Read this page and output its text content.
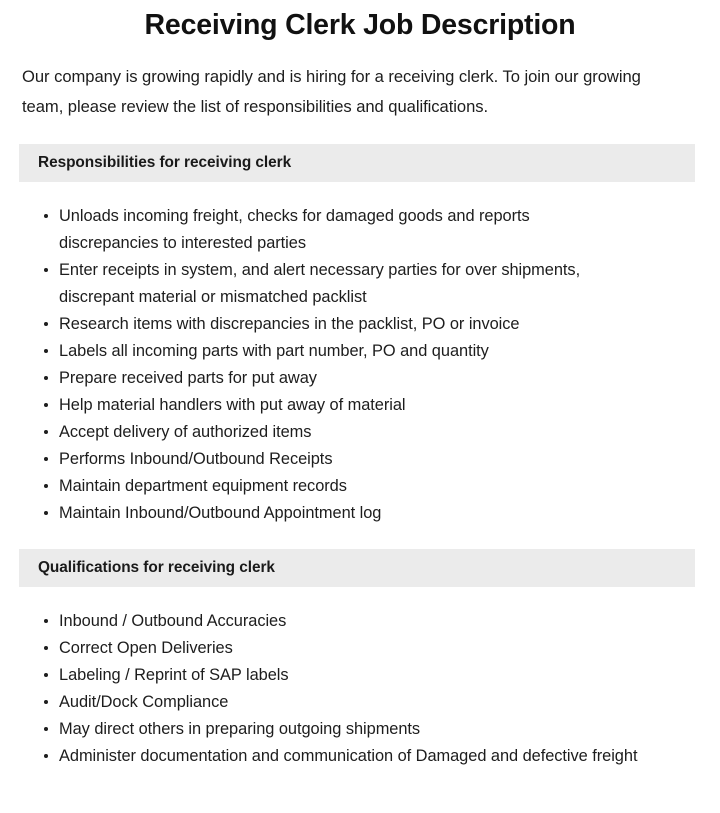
Receiving Clerk Job Description

Our company is growing rapidly and is hiring for a receiving clerk. To join our growing team, please review the list of responsibilities and qualifications.

Responsibilities for receiving clerk
Unloads incoming freight, checks for damaged goods and reports discrepancies to interested parties
Enter receipts in system, and alert necessary parties for over shipments, discrepant material or mismatched packlist
Research items with discrepancies in the packlist, PO or invoice
Labels all incoming parts with part number, PO and quantity
Prepare received parts for put away
Help material handlers with put away of material
Accept delivery of authorized items
Performs Inbound/Outbound Receipts
Maintain department equipment records
Maintain Inbound/Outbound Appointment log
Qualifications for receiving clerk
Inbound / Outbound Accuracies
Correct Open Deliveries
Labeling / Reprint of SAP labels
Audit/Dock Compliance
May direct others in preparing outgoing shipments
Administer documentation and communication of Damaged and defective freight
